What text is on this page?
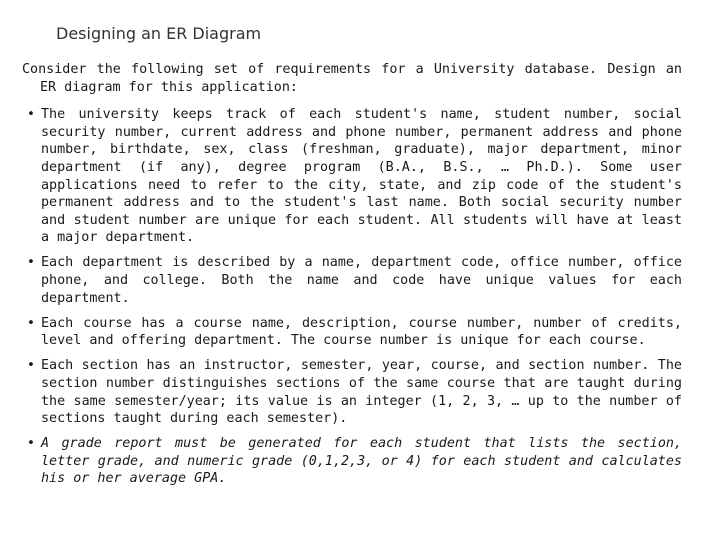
Designing an ER Diagram

Consider the following set of requirements for a University database. Design an ER diagram for this application:

• The university keeps track of each student's name, student number, social security number, current address and phone number, permanent address and phone number, birthdate, sex, class (freshman, graduate), major department, minor department (if any), degree program (B.A., B.S., … Ph.D.). Some user applications need to refer to the city, state, and zip code of the student's permanent address and to the student's last name. Both social security number and student number are unique for each student. All students will have at least a major department.
• Each department is described by a name, department code, office number, office phone, and college. Both the name and code have unique values for each department.
• Each course has a course name, description, course number, number of credits, level and offering department. The course number is unique for each course.
• Each section has an instructor, semester, year, course, and section number. The section number distinguishes sections of the same course that are taught during the same semester/year; its value is an integer (1, 2, 3, … up to the number of sections taught during each semester).
• A grade report must be generated for each student that lists the section, letter grade, and numeric grade (0,1,2,3, or 4) for each student and calculates his or her average GPA.
